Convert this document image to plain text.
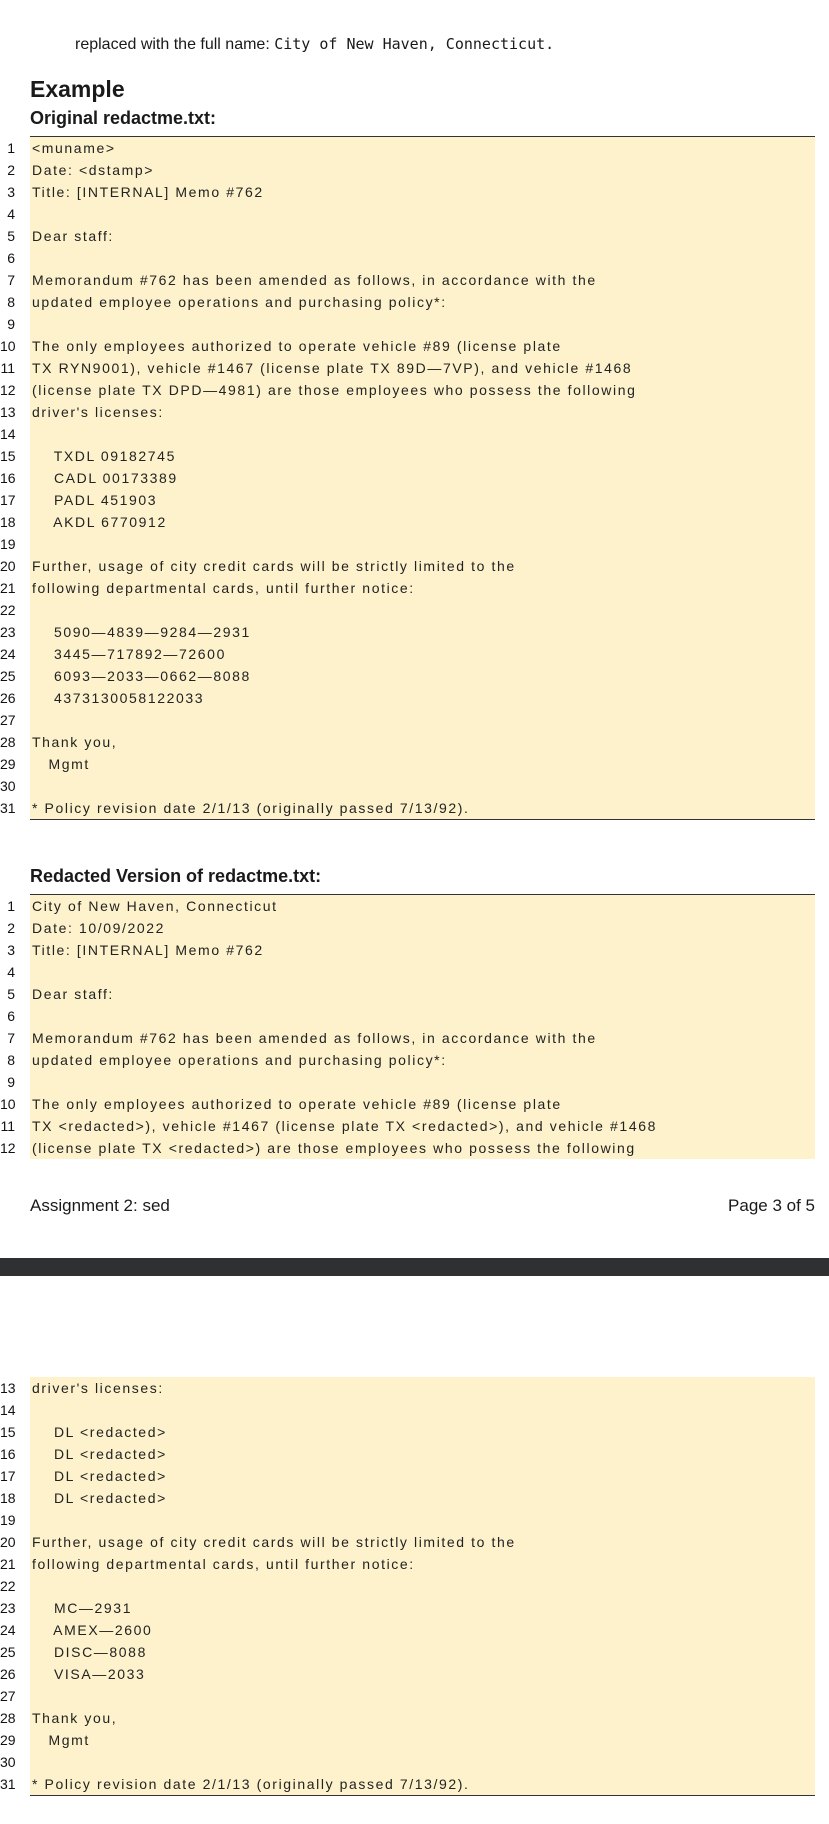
replaced with the full name: City of New Haven, Connecticut.
Example
Original redactme.txt:
1 <muname>
2 Date: <dstamp>
3 Title: [INTERNAL] Memo #762
4
5 Dear staff:
6
7 Memorandum #762 has been amended as follows, in accordance with the
8 updated employee operations and purchasing policy*:
9
10 The only employees authorized to operate vehicle #89 (license plate
11 TX RYN9001), vehicle #1467 (license plate TX 89D—7VP), and vehicle #1468
12 (license plate TX DPD—4981) are those employees who possess the following
13 driver's licenses:
14
15 TXDL 09182745
16 CADL 00173389
17 PADL 451903
18 AKDL 6770912
19
20 Further, usage of city credit cards will be strictly limited to the
21 following departmental cards, until further notice:
22
23 5090—4839—9284—2931
24 3445—717892—72600
25 6093—2033—0662—8088
26 4373130058122033
27
28 Thank you,
29 Mgmt
30
31 * Policy revision date 2/1/13 (originally passed 7/13/92).
Redacted Version of redactme.txt:
1 City of New Haven, Connecticut
2 Date: 10/09/2022
3 Title: [INTERNAL] Memo #762
4
5 Dear staff:
6
7 Memorandum #762 has been amended as follows, in accordance with the
8 updated employee operations and purchasing policy*:
9
10 The only employees authorized to operate vehicle #89 (license plate
11 TX <redacted>), vehicle #1467 (license plate TX <redacted>), and vehicle #1468
12 (license plate TX <redacted>) are those employees who possess the following
Assignment 2: sed	Page 3 of 5
13 driver's licenses:
14
15 DL <redacted>
16 DL <redacted>
17 DL <redacted>
18 DL <redacted>
19
20 Further, usage of city credit cards will be strictly limited to the
21 following departmental cards, until further notice:
22
23 MC—2931
24 AMEX—2600
25 DISC—8088
26 VISA—2033
27
28 Thank you,
29 Mgmt
30
31 * Policy revision date 2/1/13 (originally passed 7/13/92).
